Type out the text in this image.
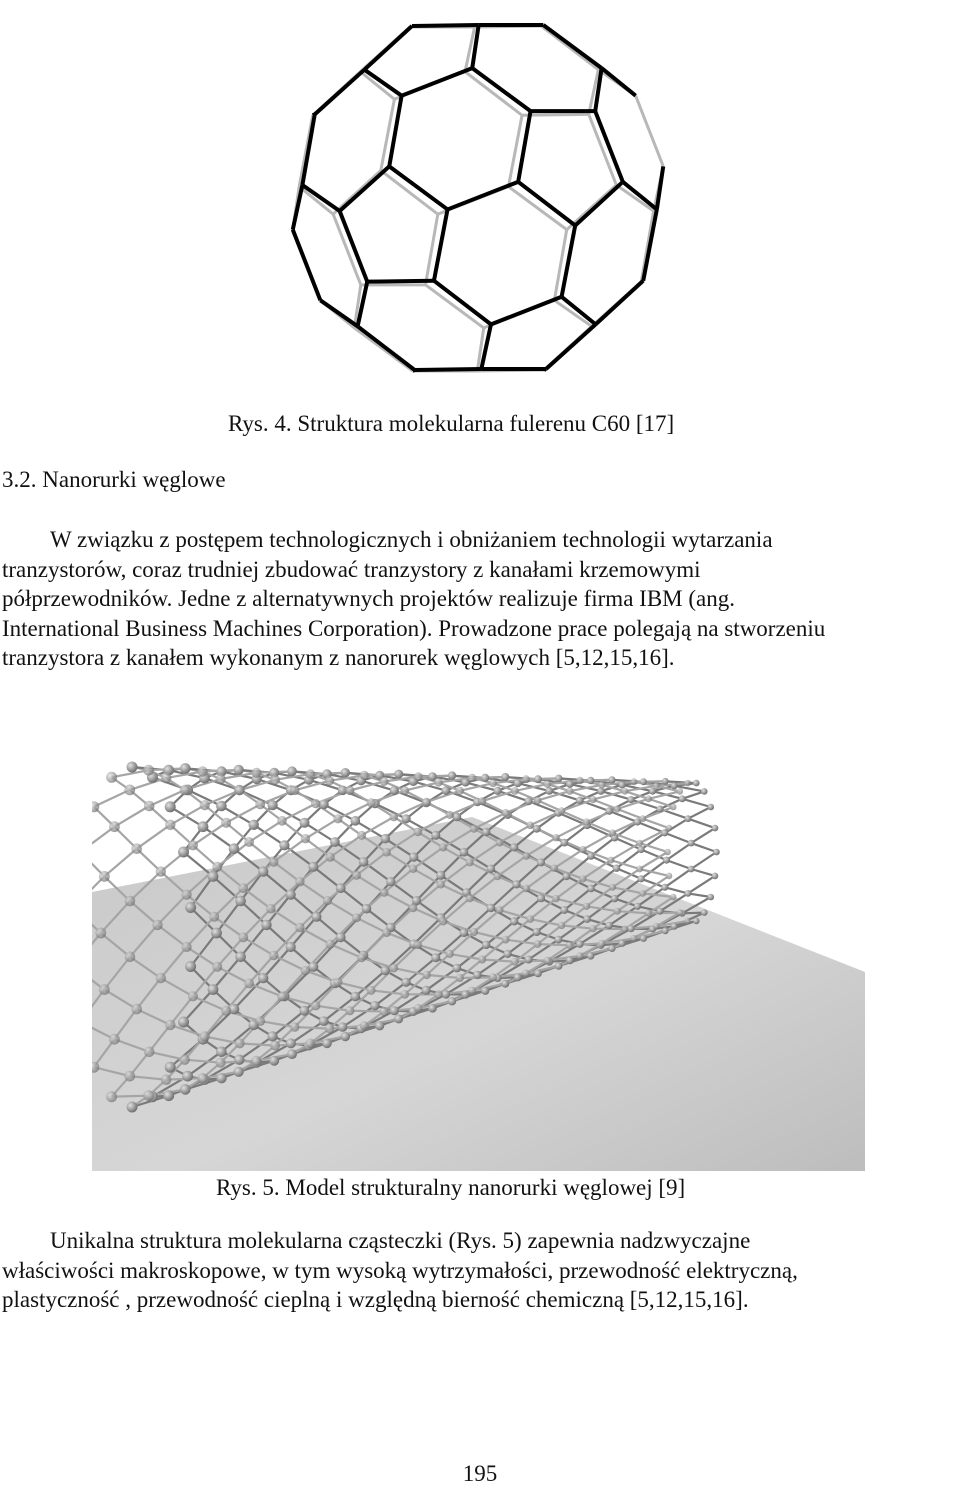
Rys. 4. Struktura molekularna fulerenu C60 [17]
3.2. Nanorurki węglowe

W związku z postępem technologicznych i obniżaniem technologii wytarzania

tranzystorów, coraz trudniej zbudować tranzystory z kanałami krzemowymi

półprzewodników. Jedne z alternatywnych projektów realizuje firma IBM (ang.

International Business Machines Corporation). Prowadzone prace polegają na stworzeniu

tranzystora z kanałem wykonanym z nanorurek węglowych [5,12,15,16].

Rys. 5. Model strukturalny nanorurki węglowej [9]

Unikalna struktura molekularna cząsteczki (Rys. 5) zapewnia nadzwyczajne

właściwości makroskopowe, w tym wysoką wytrzymałości, przewodność elektryczną,

plastyczność , przewodność cieplną i względną bierność chemiczną [5,12,15,16].

195
